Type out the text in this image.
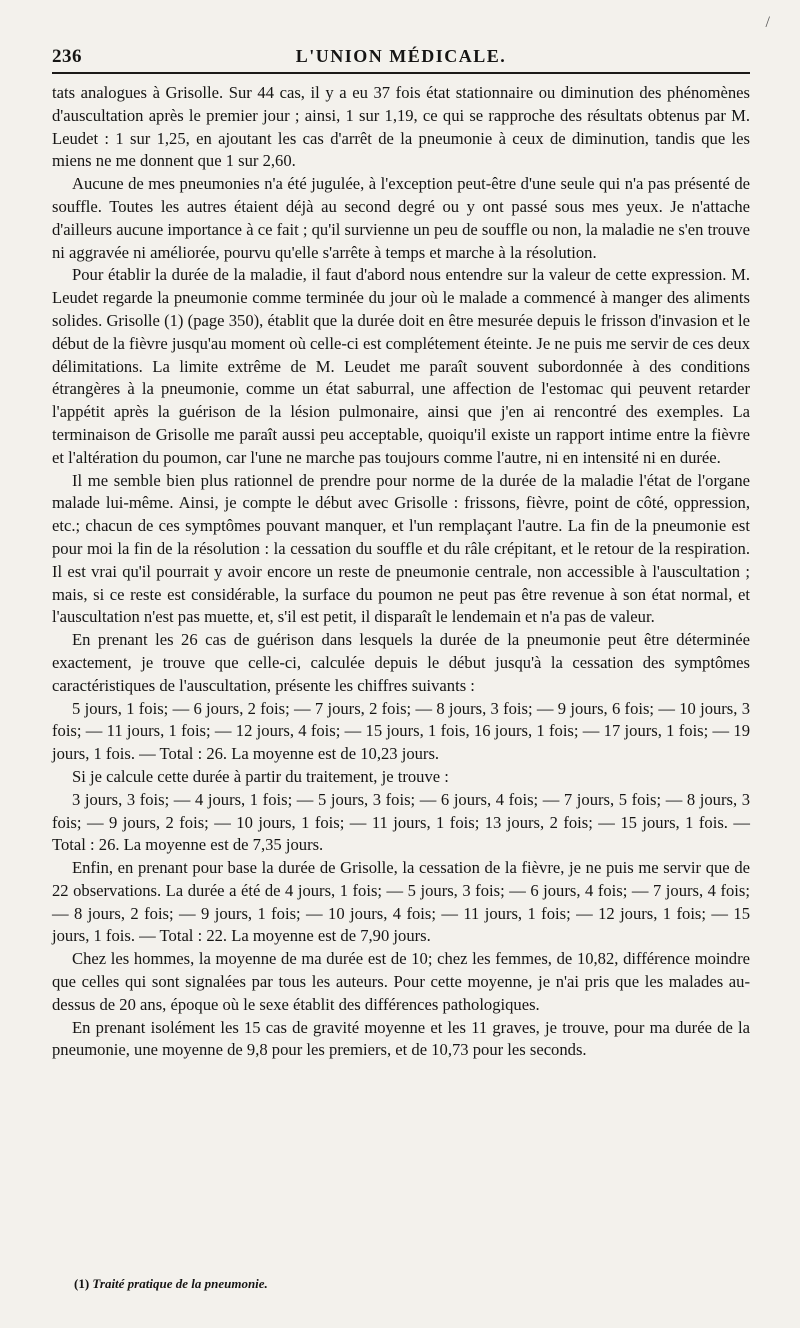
236	L'UNION MÉDICALE.
/

tats analogues à Grisolle. Sur 44 cas, il y a eu 37 fois état stationnaire ou diminution des phénomènes d'auscultation après le premier jour ; ainsi, 1 sur 1,19, ce qui se rapproche des résultats obtenus par M. Leudet : 1 sur 1,25, en ajoutant les cas d'arrêt de la pneumonie à ceux de diminution, tandis que les miens ne me donnent que 1 sur 2,60.

Aucune de mes pneumonies n'a été jugulée, à l'exception peut-être d'une seule qui n'a pas présenté de souffle. Toutes les autres étaient déjà au second degré ou y ont passé sous mes yeux. Je n'attache d'ailleurs aucune importance à ce fait ; qu'il survienne un peu de souffle ou non, la maladie ne s'en trouve ni aggravée ni améliorée, pourvu qu'elle s'arrête à temps et marche à la résolution.

Pour établir la durée de la maladie, il faut d'abord nous entendre sur la valeur de cette expression. M. Leudet regarde la pneumonie comme terminée du jour où le malade a commencé à manger des aliments solides. Grisolle (1) (page 350), établit que la durée doit en être mesurée depuis le frisson d'invasion et le début de la fièvre jusqu'au moment où celle-ci est complétement éteinte. Je ne puis me servir de ces deux délimitations. La limite extrême de M. Leudet me paraît souvent subordonnée à des conditions étrangères à la pneumonie, comme un état saburral, une affection de l'estomac qui peuvent retarder l'appétit après la guérison de la lésion pulmonaire, ainsi que j'en ai rencontré des exemples. La terminaison de Grisolle me paraît aussi peu acceptable, quoiqu'il existe un rapport intime entre la fièvre et l'altération du poumon, car l'une ne marche pas toujours comme l'autre, ni en intensité ni en durée.

Il me semble bien plus rationnel de prendre pour norme de la durée de la maladie l'état de l'organe malade lui-même. Ainsi, je compte le début avec Grisolle : frissons, fièvre, point de côté, oppression, etc.; chacun de ces symptômes pouvant manquer, et l'un remplaçant l'autre. La fin de la pneumonie est pour moi la fin de la résolution : la cessation du souffle et du râle crépitant, et le retour de la respiration. Il est vrai qu'il pourrait y avoir encore un reste de pneumonie centrale, non accessible à l'auscultation ; mais, si ce reste est considérable, la surface du poumon ne peut pas être revenue à son état normal, et l'auscultation n'est pas muette, et, s'il est petit, il disparaît le lendemain et n'a pas de valeur.

En prenant les 26 cas de guérison dans lesquels la durée de la pneumonie peut être déterminée exactement, je trouve que celle-ci, calculée depuis le début jusqu'à la cessation des symptômes caractéristiques de l'auscultation, présente les chiffres suivants :

5 jours, 1 fois; — 6 jours, 2 fois; — 7 jours, 2 fois; — 8 jours, 3 fois; — 9 jours, 6 fois; — 10 jours, 3 fois; — 11 jours, 1 fois; — 12 jours, 4 fois; — 15 jours, 1 fois, 16 jours, 1 fois; — 17 jours, 1 fois; — 19 jours, 1 fois. — Total : 26. La moyenne est de 10,23 jours.

Si je calcule cette durée à partir du traitement, je trouve :

3 jours, 3 fois; — 4 jours, 1 fois; — 5 jours, 3 fois; — 6 jours, 4 fois; — 7 jours, 5 fois; — 8 jours, 3 fois; — 9 jours, 2 fois; — 10 jours, 1 fois; — 11 jours, 1 fois; 13 jours, 2 fois; — 15 jours, 1 fois. — Total : 26. La moyenne est de 7,35 jours.

Enfin, en prenant pour base la durée de Grisolle, la cessation de la fièvre, je ne puis me servir que de 22 observations. La durée a été de 4 jours, 1 fois; — 5 jours, 3 fois; — 6 jours, 4 fois; — 7 jours, 4 fois; — 8 jours, 2 fois; — 9 jours, 1 fois; — 10 jours, 4 fois; — 11 jours, 1 fois; — 12 jours, 1 fois; — 15 jours, 1 fois. — Total : 22. La moyenne est de 7,90 jours.

Chez les hommes, la moyenne de ma durée est de 10; chez les femmes, de 10,82, différence moindre que celles qui sont signalées par tous les auteurs. Pour cette moyenne, je n'ai pris que les malades au-dessus de 20 ans, époque où le sexe établit des différences pathologiques.

En prenant isolément les 15 cas de gravité moyenne et les 11 graves, je trouve, pour ma durée de la pneumonie, une moyenne de 9,8 pour les premiers, et de 10,73 pour les seconds.

(1) Traité pratique de la pneumonie.
